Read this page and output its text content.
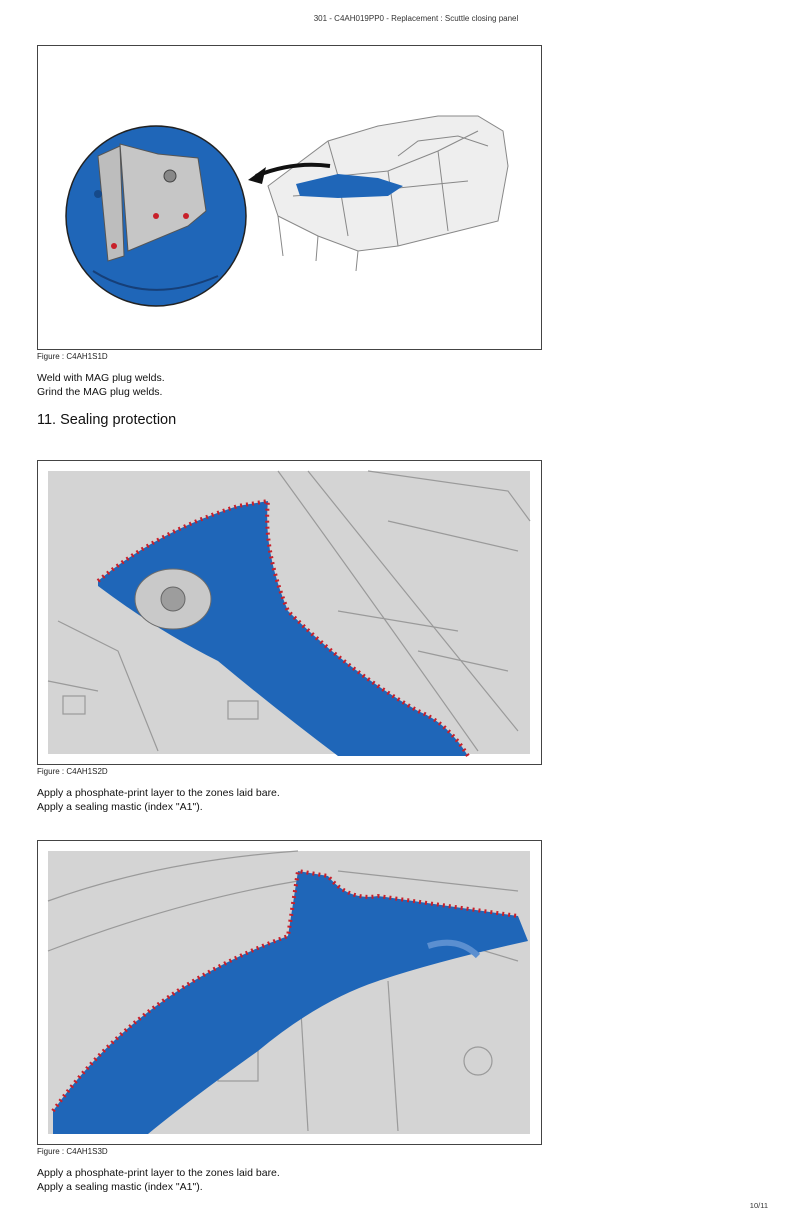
301 - C4AH019PP0 - Replacement : Scuttle closing panel
Figure : C4AH1S1D
Weld with MAG plug welds.
Grind the MAG plug welds.
11. Sealing protection
Figure : C4AH1S2D
Apply a phosphate-print layer to the zones laid bare.
Apply a sealing mastic (index "A1").
Figure : C4AH1S3D
Apply a phosphate-print layer to the zones laid bare.
Apply a sealing mastic (index "A1").
10/11
